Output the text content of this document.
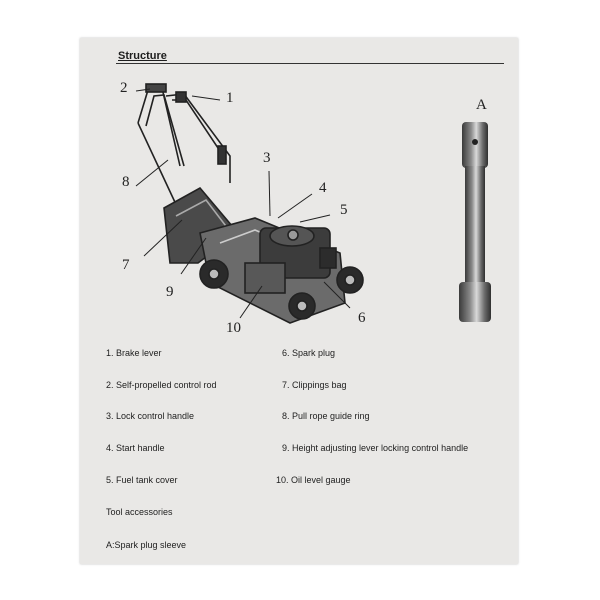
Structure
2
1
3
4
5
6
7
8
9
10
A
1. Brake lever
2. Self-propelled control rod
3. Lock control handle
4. Start handle
5. Fuel tank cover
6. Spark plug
7. Clippings bag
8. Pull rope guide ring
9. Height adjusting lever locking control handle
10. Oil level gauge
Tool accessories
A:Spark plug sleeve
